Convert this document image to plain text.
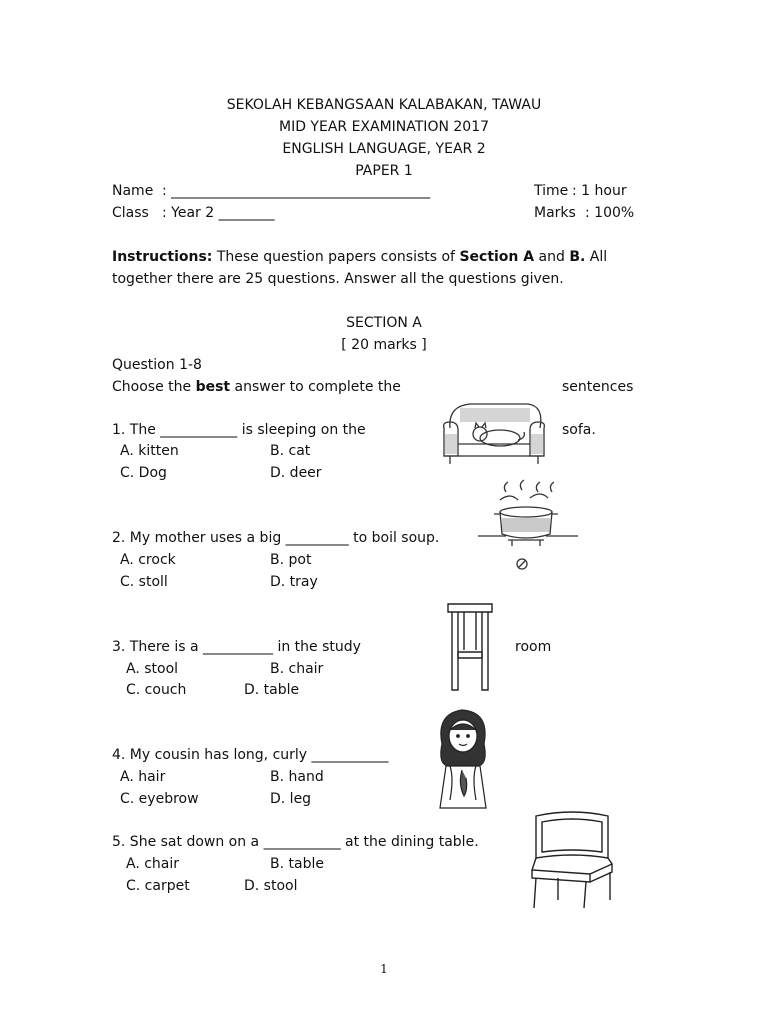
SEKOLAH KEBANGSAAN KALABAKAN, TAWAU
MID YEAR EXAMINATION 2017
ENGLISH LANGUAGE, YEAR 2
PAPER 1
Name : _____________________________________	Time : 1 hour
Class : Year 2 ________	Marks : 100%
Instructions: These question papers consists of Section A and B. All
together there are 25 questions. Answer all the questions given.
SECTION A
[ 20 marks ]
Question 1-8
Choose the best answer to complete the	sentences
1. The ___________ is sleeping on the	sofa.
A. kitten	B. cat
C. Dog	D. deer
2. My mother uses a big _________ to boil soup.
A. crock	B. pot
C. stoll	D. tray
3. There is a __________ in the study	room
A. stool	B. chair
C. couch	D. table
4. My cousin has long, curly ___________
A. hair	B. hand
C. eyebrow	D. leg
5. She sat down on a ___________ at the dining table.
A. chair	B. table
C. carpet	D. stool
1
